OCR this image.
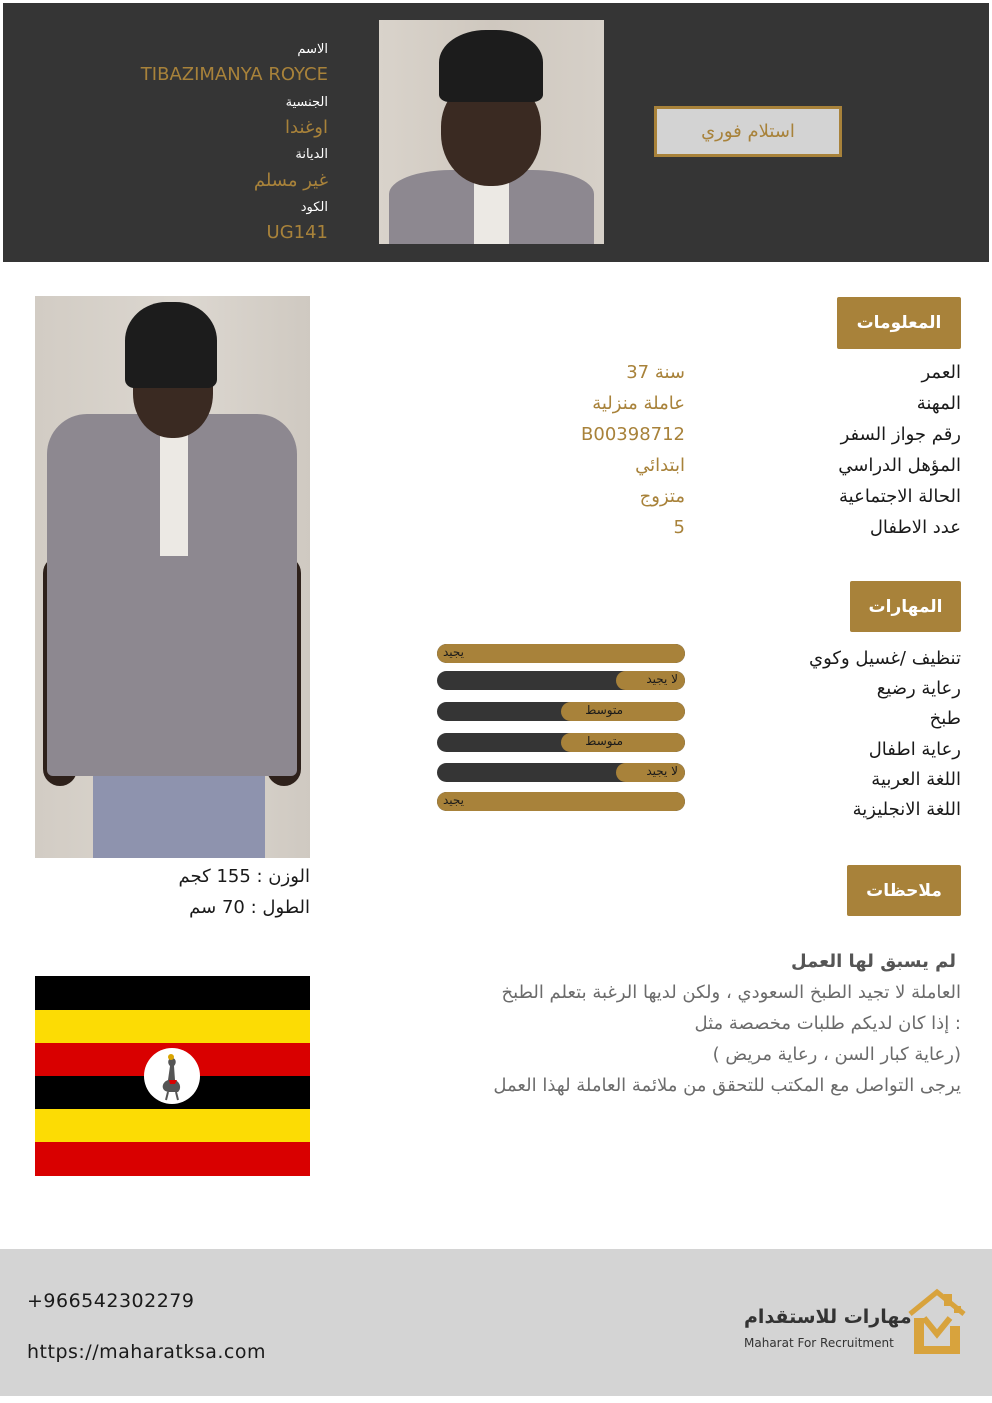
الاسم
TIBAZIMANYA ROYCE
الجنسية
اوغندا
الديانة
غير مسلم
الكود
UG141
استلام فوري
الوزن : 155 كجم
الطول : 70 سم
المعلومات
العمر
37 سنة
المهنة
عاملة منزلية
رقم جواز السفر
B00398712
المؤهل الدراسي
ابتدائي
الحالة الاجتماعية
متزوج
عدد الاطفال
5
المهارات
تنظيف /غسيل وكوي
رعاية رضيع
طبخ
رعاية اطفال
اللغة العربية
اللغة الانجليزية
يجيد
لا يجيد
متوسط
متوسط
لا يجيد
يجيد
ملاحظات
لم يسبق لها العمل
العاملة لا تجيد الطبخ السعودي ، ولكن لديها الرغبة بتعلم الطبخ
إذا كان لديكم طلبات مخصصة مثل :
( رعاية كبار السن ، رعاية مريض)
يرجى التواصل مع المكتب للتحقق من ملائمة العاملة لهذا العمل
+966542302279
https://maharatksa.com
مهارات للاستقدام
Maharat For Recruitment
